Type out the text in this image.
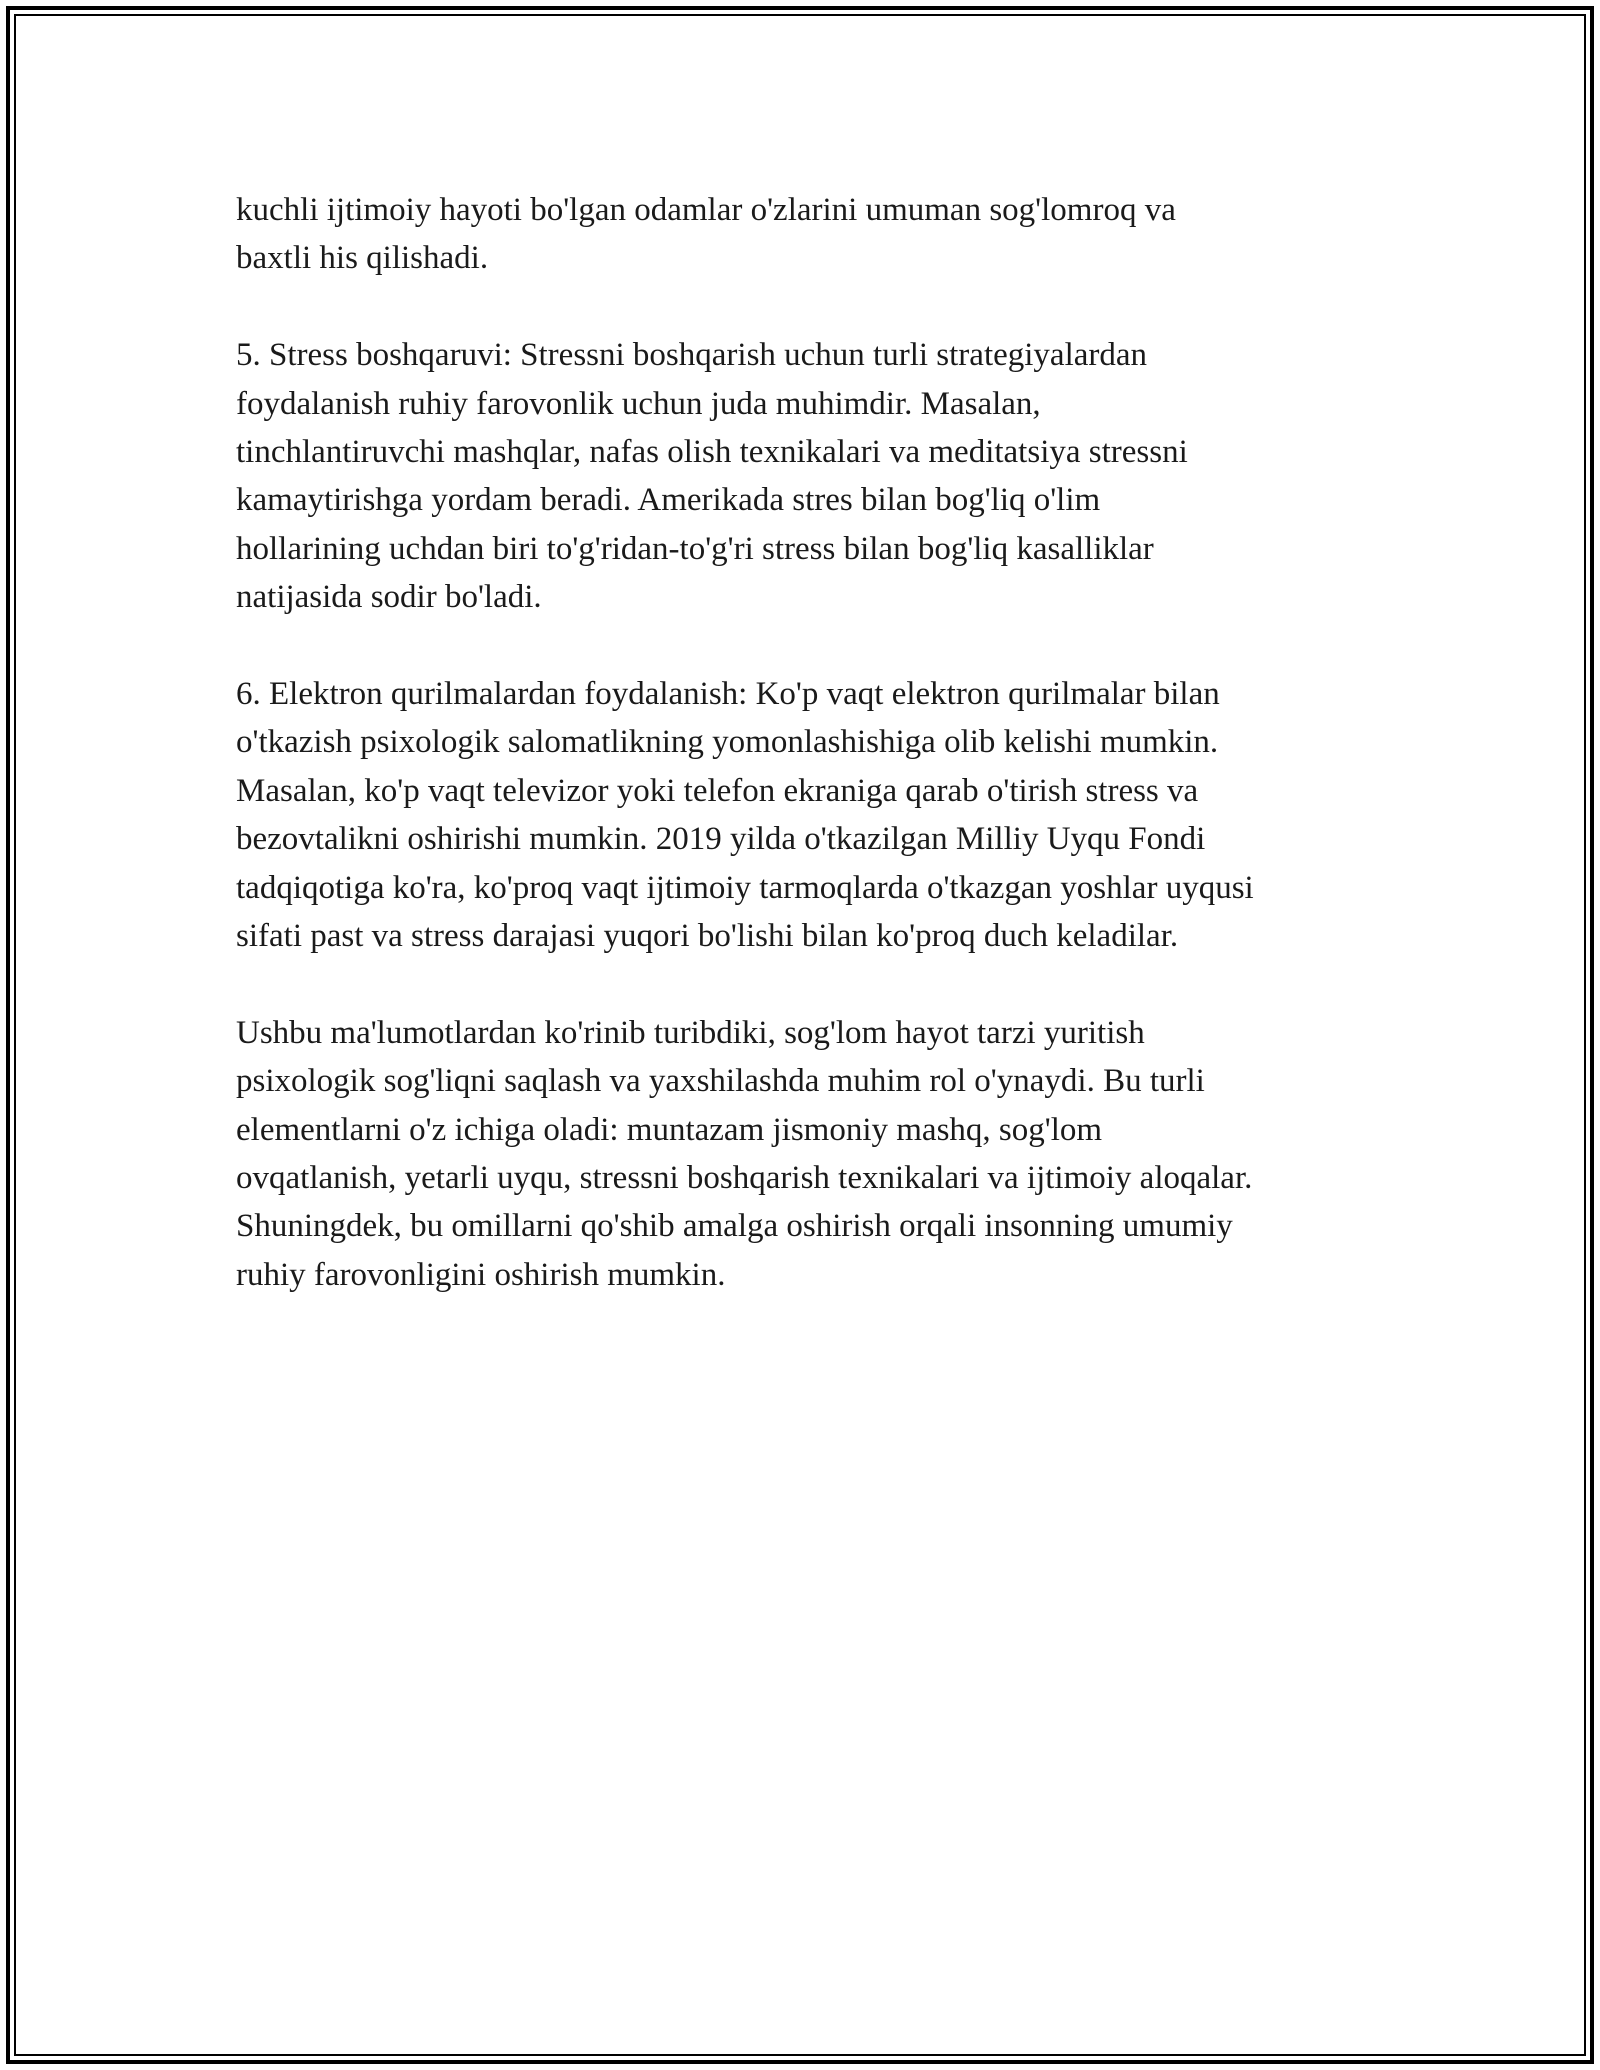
kuchli ijtimoiy hayoti bo'lgan odamlar o'zlarini umuman sog'lomroq va
baxtli his qilishadi.

5. Stress boshqaruvi: Stressni boshqarish uchun turli strategiyalardan
foydalanish ruhiy farovonlik uchun juda muhimdir. Masalan,
tinchlantiruvchi mashqlar, nafas olish texnikalari va meditatsiya stressni
kamaytirishga yordam beradi. Amerikada stres bilan bog'liq o'lim
hollarining uchdan biri to'g'ridan-to'g'ri stress bilan bog'liq kasalliklar
natijasida sodir bo'ladi.

6. Elektron qurilmalardan foydalanish: Ko'p vaqt elektron qurilmalar bilan
o'tkazish psixologik salomatlikning yomonlashishiga olib kelishi mumkin.
Masalan, ko'p vaqt televizor yoki telefon ekraniga qarab o'tirish stress va
bezovtalikni oshirishi mumkin. 2019 yilda o'tkazilgan Milliy Uyqu Fondi
tadqiqotiga ko'ra, ko'proq vaqt ijtimoiy tarmoqlarda o'tkazgan yoshlar uyqusi
sifati past va stress darajasi yuqori bo'lishi bilan ko'proq duch keladilar.

Ushbu ma'lumotlardan ko'rinib turibdiki, sog'lom hayot tarzi yuritish
psixologik sog'liqni saqlash va yaxshilashda muhim rol o'ynaydi. Bu turli
elementlarni o'z ichiga oladi: muntazam jismoniy mashq, sog'lom
ovqatlanish, yetarli uyqu, stressni boshqarish texnikalari va ijtimoiy aloqalar.
Shuningdek, bu omillarni qo'shib amalga oshirish orqali insonning umumiy
ruhiy farovonligini oshirish mumkin.
